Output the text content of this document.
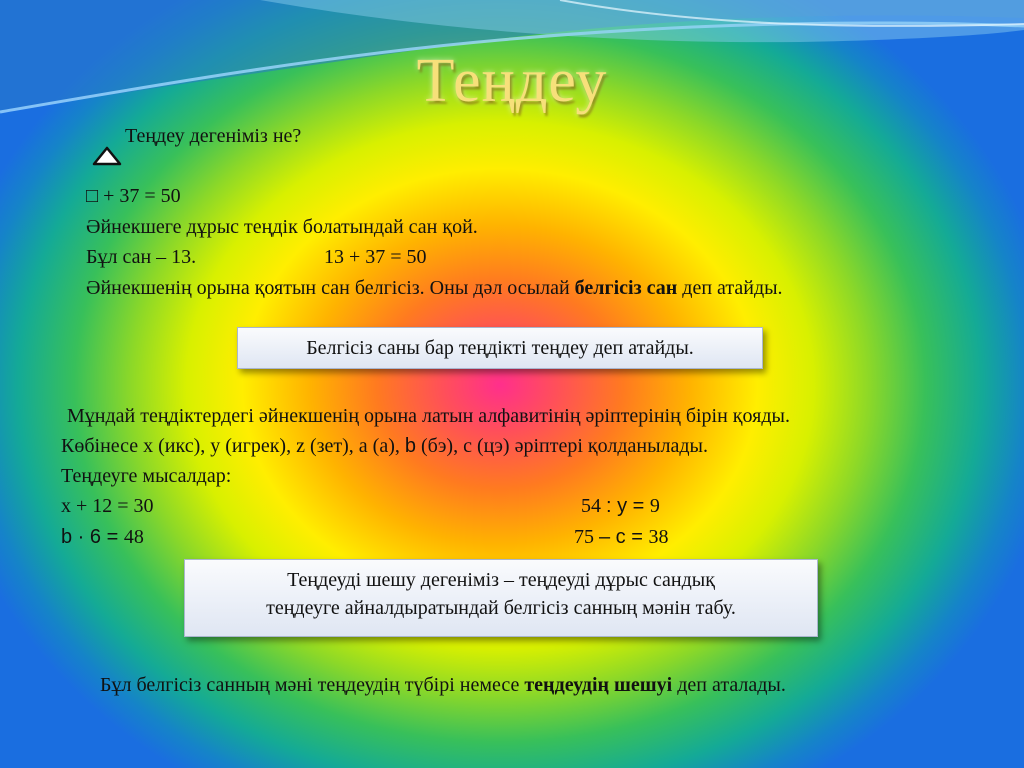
Теңдеу
Теңдеу дегеніміз не?
□ + 37 = 50
Әйнекшеге дұрыс теңдік болатындай сан қой.
Бұл сан – 13.	13 + 37 = 50
Әйнекшенің орына қоятын сан белгісіз. Оны дәл осылай белгісіз сан деп атайды.
Белгісіз саны бар теңдікті теңдеу деп атайды.
Мұндай теңдіктердегі әйнекшенің орына латын алфавитінің әріптерінің бірін қояды.
Көбінесе x (икс), y (игрек), z (зет), a (а), b (бэ), c (цэ) әріптері қолданылады.
Теңдеуге мысалдар:
x + 12 = 30	54 : у = 9
b · 6 = 48	75 – с = 38
Теңдеуді шешу дегеніміз – теңдеуді дұрыс сандық
теңдеуге айналдыратындай белгісіз санның мәнін табу.
Бұл белгісіз санның мәні теңдеудің түбірі немесе теңдеудің шешуі деп аталады.
